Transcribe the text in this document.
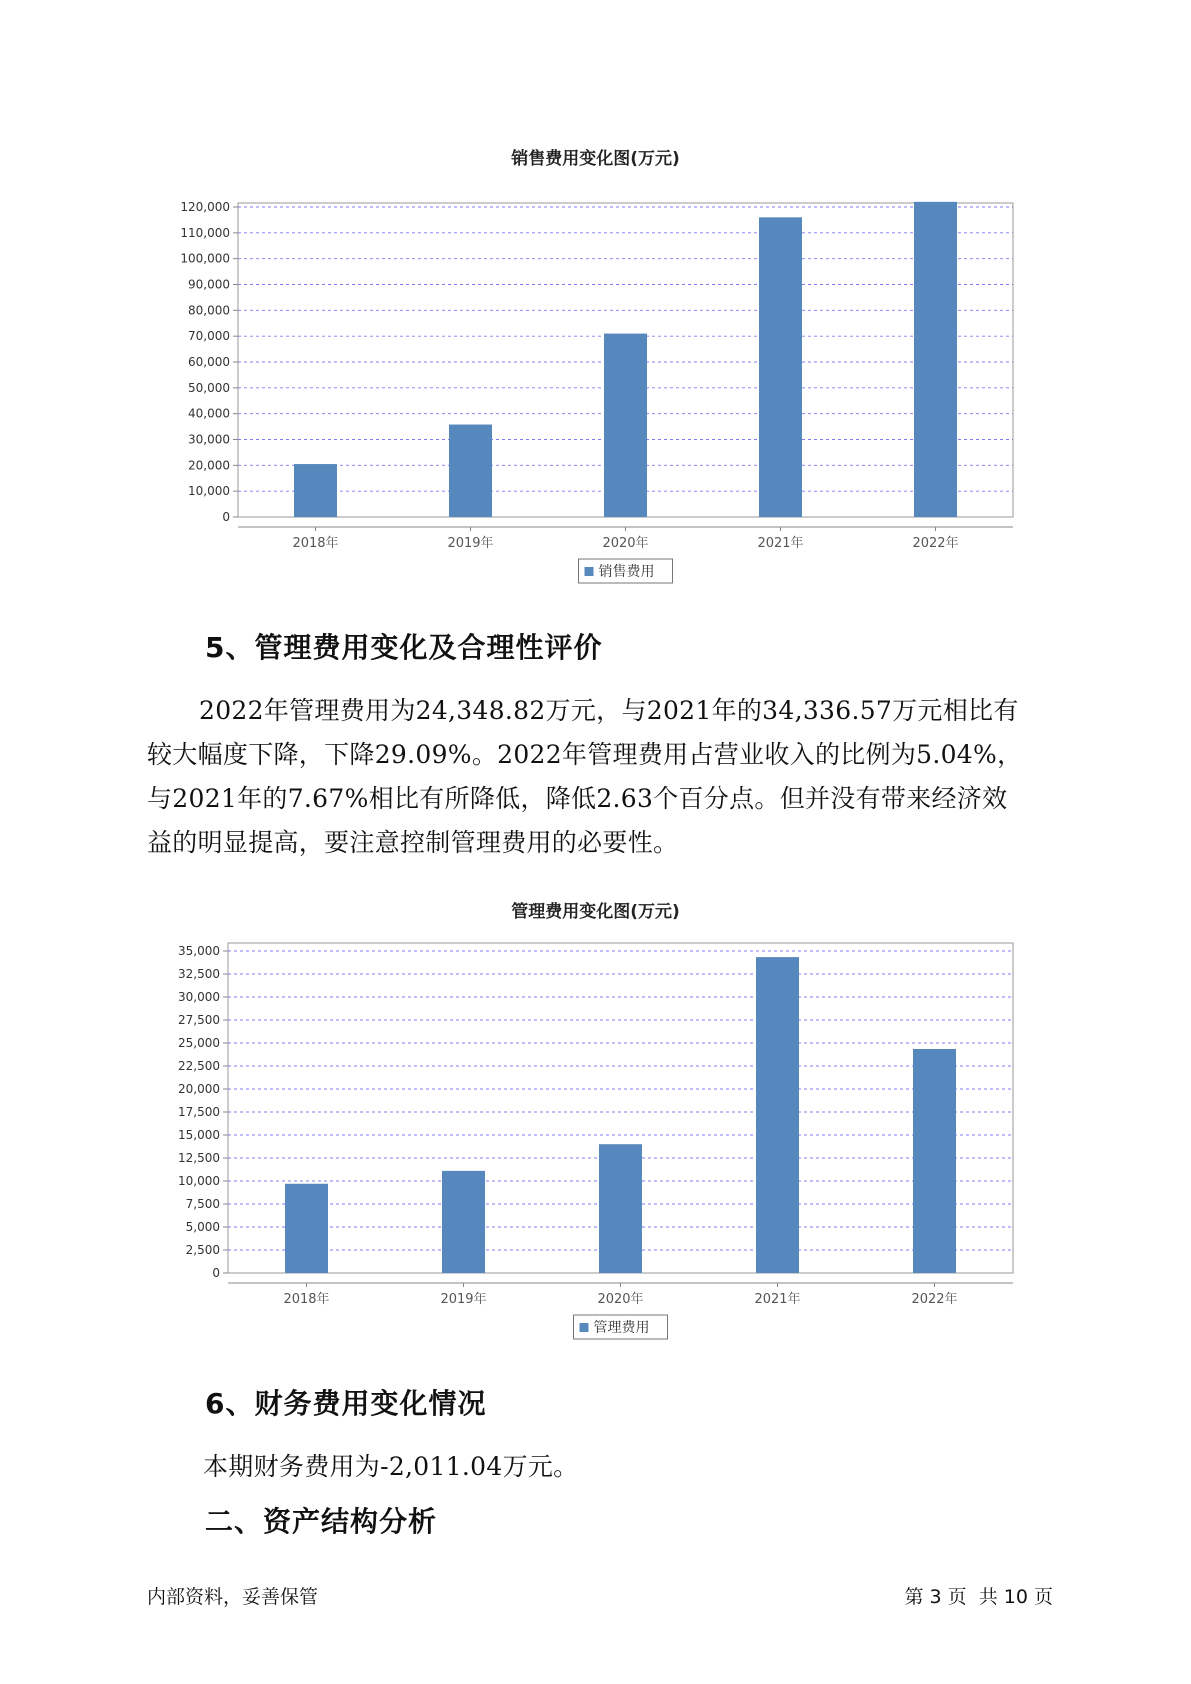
销售费用变化图(万元)
0
10,000
20,000
30,000
40,000
50,000
60,000
70,000
80,000
90,000
100,000
110,000
120,000
2018年	2019年	2020年	2021年	2022年
销售费用
5、管理费用变化及合理性评价
2022年管理费用为24,348.82万元，与2021年的34,336.57万元相比有
较大幅度下降，下降29.09%。2022年管理费用占营业收入的比例为5.04%，
与2021年的7.67%相比有所降低，降低2.63个百分点。但并没有带来经济效
益的明显提高，要注意控制管理费用的必要性。
管理费用变化图(万元)
0
2,500
5,000
7,500
10,000
12,500
15,000
17,500
20,000
22,500
25,000
27,500
30,000
32,500
35,000
2018年	2019年	2020年	2021年	2022年
管理费用
6、财务费用变化情况
本期财务费用为-2,011.04万元。
二、资产结构分析
内部资料，妥善保管	第 3 页  共 10 页
